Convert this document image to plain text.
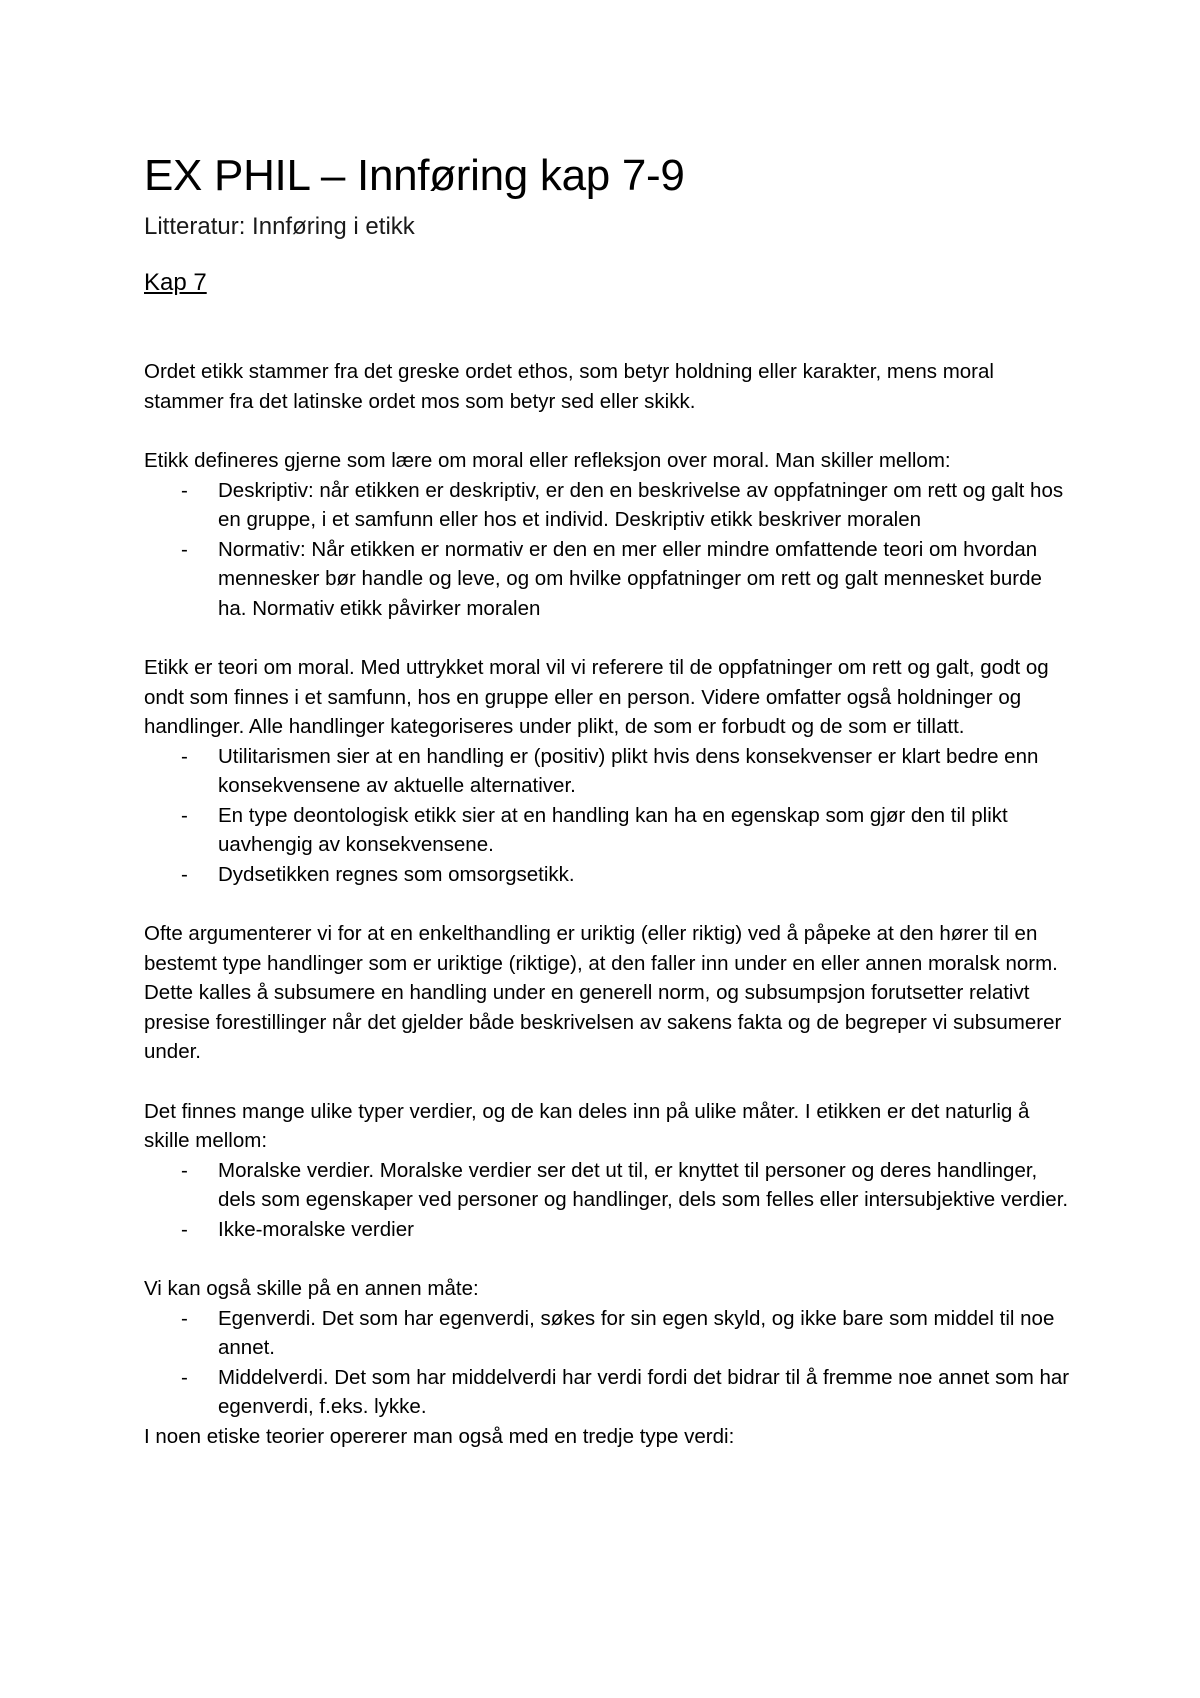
EX PHIL – Innføring kap 7-9
Litteratur: Innføring i etikk
Kap 7

Ordet etikk stammer fra det greske ordet ethos, som betyr holdning eller karakter, mens moral stammer fra det latinske ordet mos som betyr sed eller skikk.

Etikk defineres gjerne som lære om moral eller refleksjon over moral. Man skiller mellom:

- Deskriptiv: når etikken er deskriptiv, er den en beskrivelse av oppfatninger om rett og galt hos en gruppe, i et samfunn eller hos et individ. Deskriptiv etikk beskriver moralen
- Normativ: Når etikken er normativ er den en mer eller mindre omfattende teori om hvordan mennesker bør handle og leve, og om hvilke oppfatninger om rett og galt mennesket burde ha. Normativ etikk påvirker moralen

Etikk er teori om moral. Med uttrykket moral vil vi referere til de oppfatninger om rett og galt, godt og ondt som finnes i et samfunn, hos en gruppe eller en person. Videre omfatter også holdninger og handlinger. Alle handlinger kategoriseres under plikt, de som er forbudt og de som er tillatt.

- Utilitarismen sier at en handling er (positiv) plikt hvis dens konsekvenser er klart bedre enn konsekvensene av aktuelle alternativer.
- En type deontologisk etikk sier at en handling kan ha en egenskap som gjør den til plikt uavhengig av konsekvensene.
- Dydsetikken regnes som omsorgsetikk.

Ofte argumenterer vi for at en enkelthandling er uriktig (eller riktig) ved å påpeke at den hører til en bestemt type handlinger som er uriktige (riktige), at den faller inn under en eller annen moralsk norm. Dette kalles å subsumere en handling under en generell norm, og subsumpsjon forutsetter relativt presise forestillinger når det gjelder både beskrivelsen av sakens fakta og de begreper vi subsumerer under.

Det finnes mange ulike typer verdier, og de kan deles inn på ulike måter. I etikken er det naturlig å skille mellom:

- Moralske verdier. Moralske verdier ser det ut til, er knyttet til personer og deres handlinger, dels som egenskaper ved personer og handlinger, dels som felles eller intersubjektive verdier.
- Ikke-moralske verdier

Vi kan også skille på en annen måte:

- Egenverdi. Det som har egenverdi, søkes for sin egen skyld, og ikke bare som middel til noe annet.
- Middelverdi. Det som har middelverdi har verdi fordi det bidrar til å fremme noe annet som har egenverdi, f.eks. lykke.

I noen etiske teorier opererer man også med en tredje type verdi:
